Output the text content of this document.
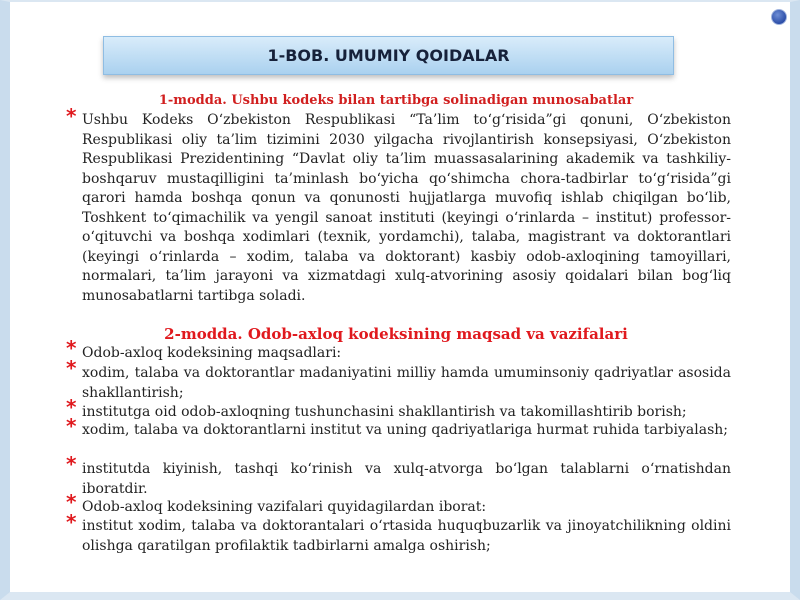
1-BOB. UMUMIY QOIDALAR
1-modda. Ushbu kodeks bilan tartibga solinadigan munosabatlar
* Ushbu Kodeks O‘zbekiston Respublikasi “Ta’lim to‘g‘risida”gi qonuni, O‘zbekiston Respublikasi oliy ta’lim tizimini 2030 yilgacha rivojlantirish konsepsiyasi, O‘zbekiston Respublikasi Prezidentining “Davlat oliy ta’lim muassasalarining akademik va tashkiliy-boshqaruv mustaqilligini ta’minlash bo‘yicha qo‘shimcha chora-tadbirlar to‘g‘risida”gi qarori hamda boshqa qonun va qonunosti hujjatlarga muvofiq ishlab chiqilgan bo‘lib, Toshkent to‘qimachilik va yengil sanoat instituti (keyingi o‘rinlarda – institut) professor-o‘qituvchi va boshqa xodimlari (texnik, yordamchi), talaba, magistrant va doktorantlari (keyingi o‘rinlarda – xodim, talaba va doktorant) kasbiy odob-axloqining tamoyillari, normalari, ta’lim jarayoni va xizmatdagi xulq-atvorining asosiy qoidalari bilan bog‘liq munosabatlarni tartibga soladi.
2-modda. Odob-axloq kodeksining maqsad va vazifalari
* Odob-axloq kodeksining maqsadlari:
* xodim, talaba va doktorantlar madaniyatini milliy hamda umuminsoniy qadriyatlar asosida shakllantirish;
* institutga oid odob-axloqning tushunchasini shakllantirish va takomillashtirib borish;
* xodim, talaba va doktorantlarni institut va uning qadriyatlariga hurmat ruhida tarbiyalash;
* institutda kiyinish, tashqi ko‘rinish va xulq-atvorga bo‘lgan talablarni o‘rnatishdan iboratdir.
* Odob-axloq kodeksining vazifalari quyidagilardan iborat:
* institut xodim, talaba va doktorantalari o‘rtasida huquqbuzarlik va jinoyatchilikning oldini olishga qaratilgan profilaktik tadbirlarni amalga oshirish;
